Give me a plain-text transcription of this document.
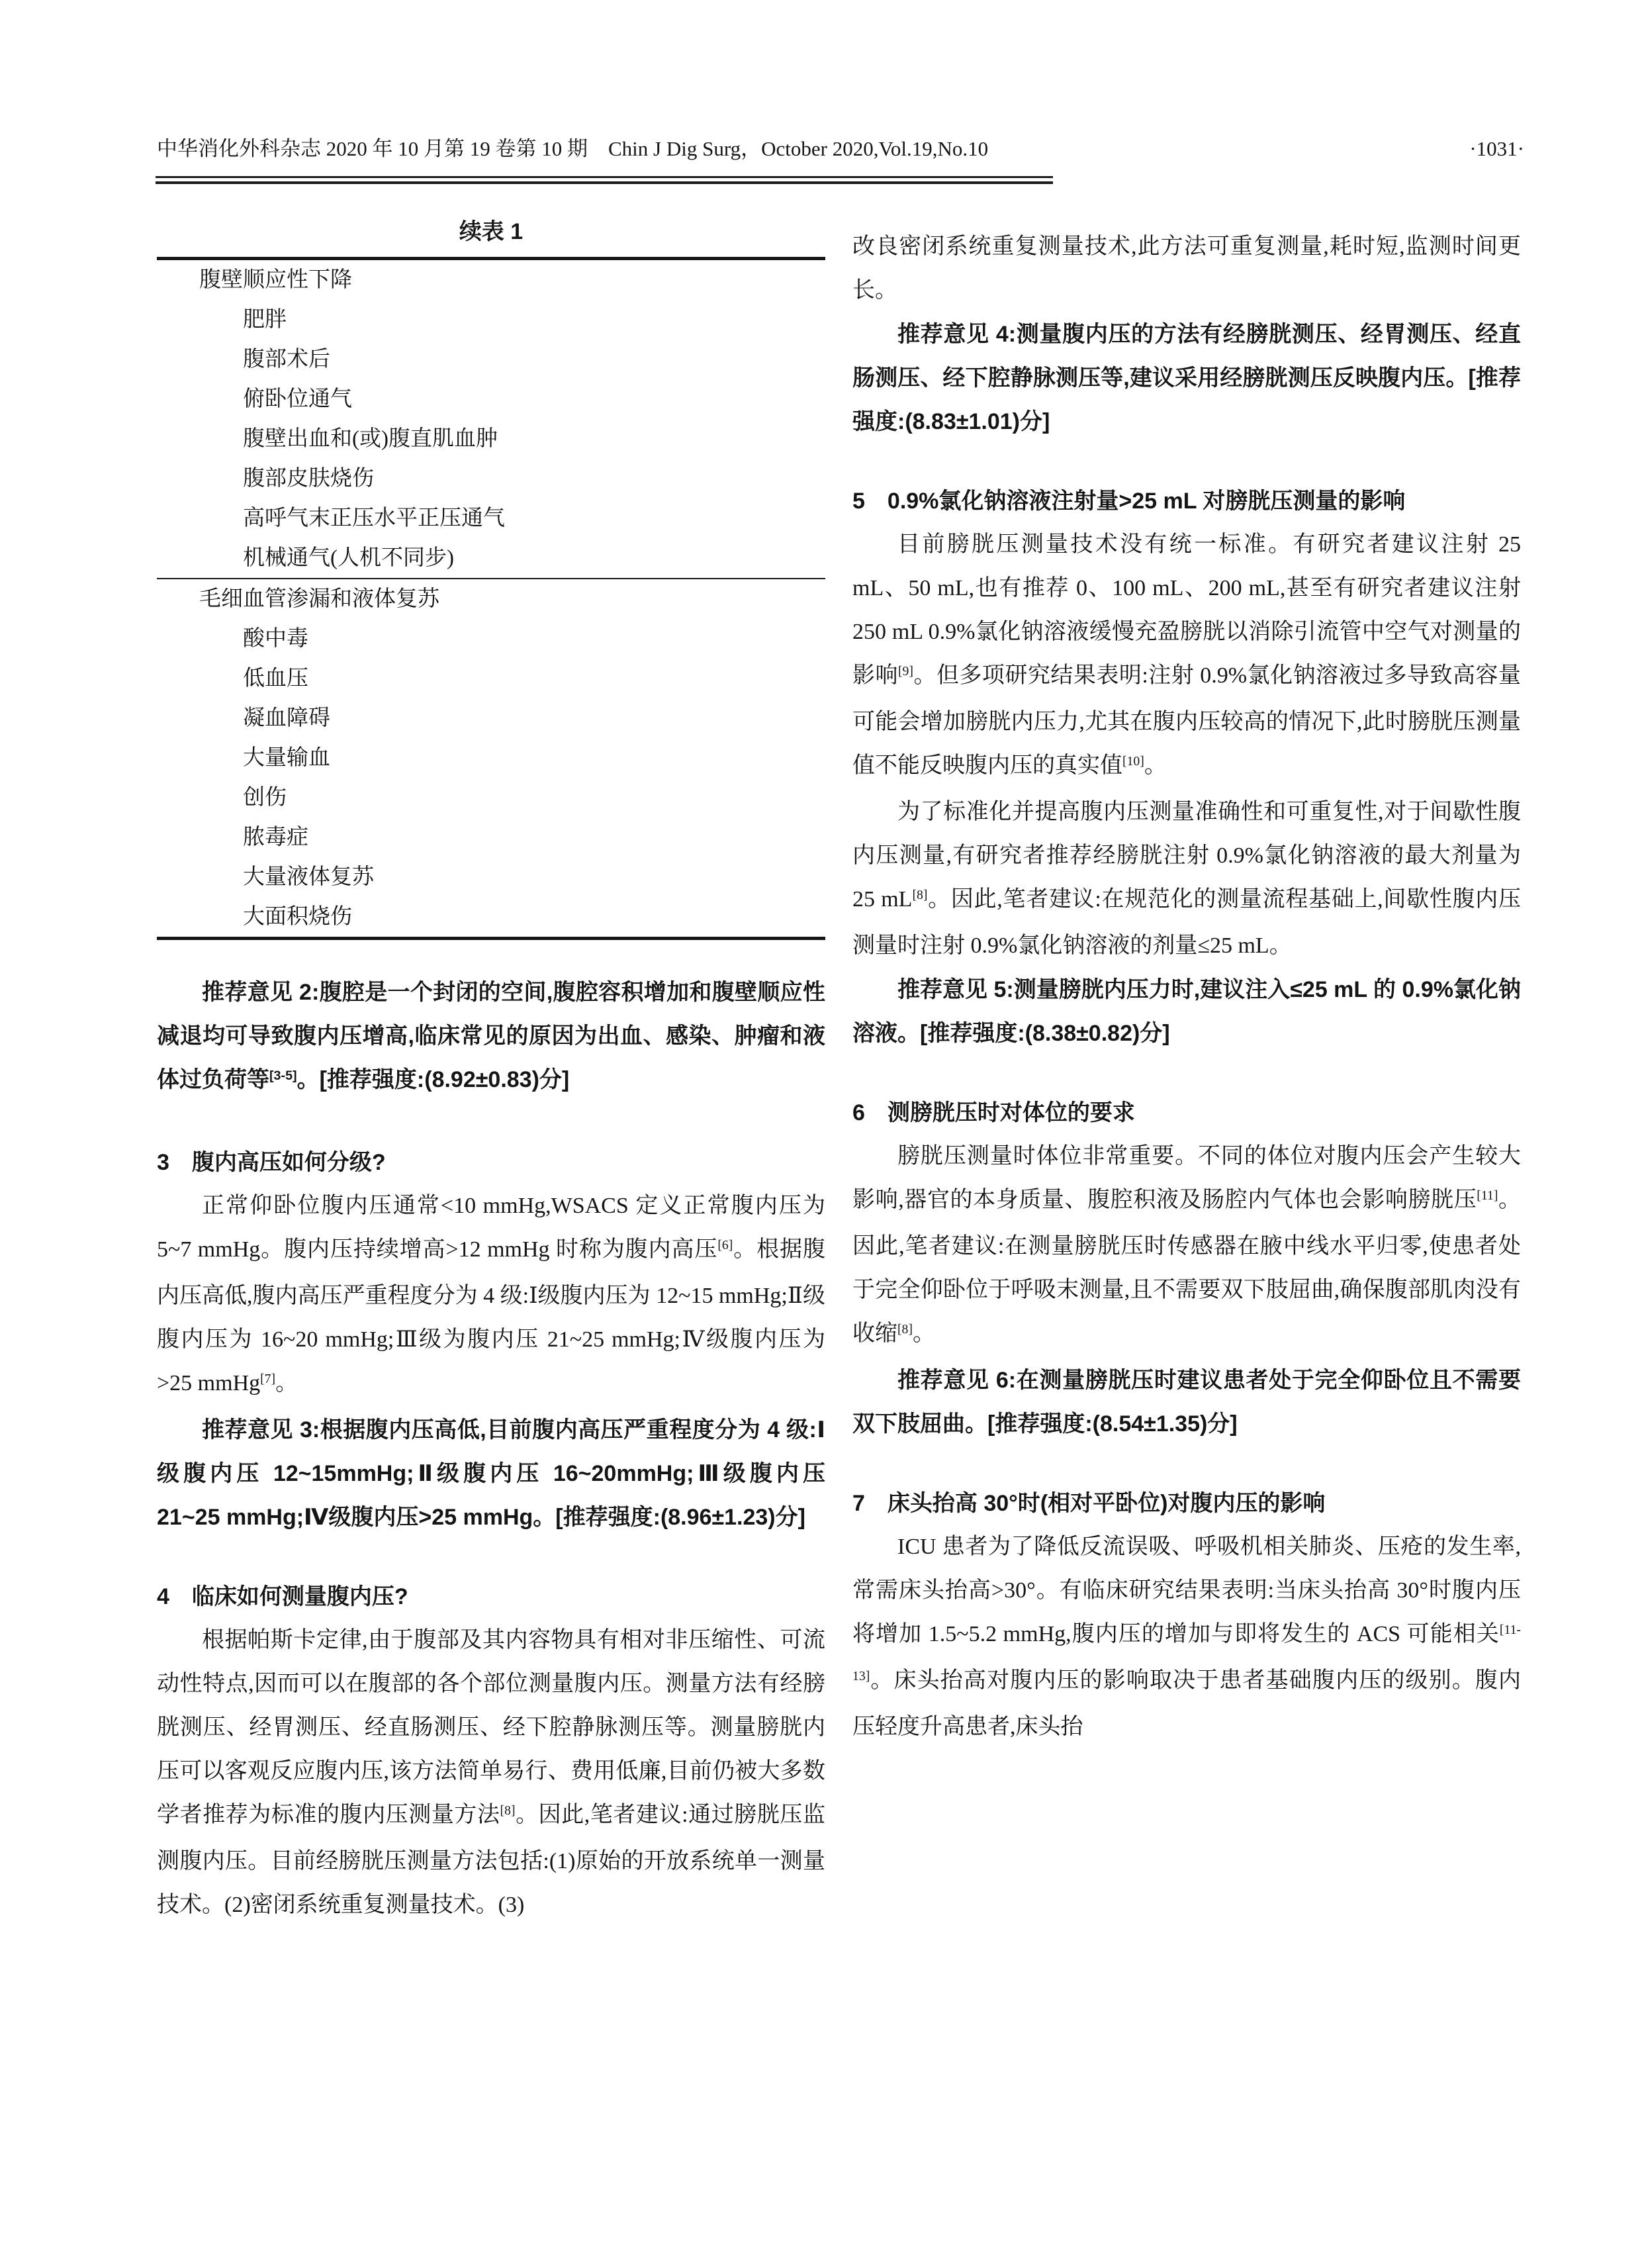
中华消化外科杂志 2020 年 10 月第 19 卷第 10 期　Chin J Dig Surg，October 2020,Vol.19,No.10	·1031·
续表 1
腹壁顺应性下降
肥胖
腹部术后
俯卧位通气
腹壁出血和(或)腹直肌血肿
腹部皮肤烧伤
高呼气末正压水平正压通气
机械通气(人机不同步)
毛细血管渗漏和液体复苏
酸中毒
低血压
凝血障碍
大量输血
创伤
脓毒症
大量液体复苏
大面积烧伤

推荐意见 2:腹腔是一个封闭的空间,腹腔容积增加和腹壁顺应性减退均可导致腹内压增高,临床常见的原因为出血、感染、肿瘤和液体过负荷等[3-5]。[推荐强度:(8.92±0.83)分]

3　腹内高压如何分级?

正常仰卧位腹内压通常<10 mmHg,WSACS 定义正常腹内压为 5~7 mmHg。腹内压持续增高>12 mmHg 时称为腹内高压[6]。根据腹内压高低,腹内高压严重程度分为 4 级:Ⅰ级腹内压为 12~15 mmHg;Ⅱ级腹内压为 16~20 mmHg;Ⅲ级为腹内压 21~25 mmHg;Ⅳ级腹内压为>25 mmHg[7]。

推荐意见 3:根据腹内压高低,目前腹内高压严重程度分为 4 级:Ⅰ级腹内压 12~15mmHg;Ⅱ级腹内压 16~20mmHg;Ⅲ级腹内压 21~25 mmHg;Ⅳ级腹内压>25 mmHg。[推荐强度:(8.96±1.23)分]

4　临床如何测量腹内压?

根据帕斯卡定律,由于腹部及其内容物具有相对非压缩性、可流动性特点,因而可以在腹部的各个部位测量腹内压。测量方法有经膀胱测压、经胃测压、经直肠测压、经下腔静脉测压等。测量膀胱内压可以客观反应腹内压,该方法简单易行、费用低廉,目前仍被大多数学者推荐为标准的腹内压测量方法[8]。因此,笔者建议:通过膀胱压监测腹内压。目前经膀胱压测量方法包括:(1)原始的开放系统单一测量技术。(2)密闭系统重复测量技术。(3)

改良密闭系统重复测量技术,此方法可重复测量,耗时短,监测时间更长。

推荐意见 4:测量腹内压的方法有经膀胱测压、经胃测压、经直肠测压、经下腔静脉测压等,建议采用经膀胱测压反映腹内压。[推荐强度:(8.83±1.01)分]

5　0.9%氯化钠溶液注射量>25 mL 对膀胱压测量的影响

目前膀胱压测量技术没有统一标准。有研究者建议注射 25 mL、50 mL,也有推荐 0、100 mL、200 mL,甚至有研究者建议注射 250 mL 0.9%氯化钠溶液缓慢充盈膀胱以消除引流管中空气对测量的影响[9]。但多项研究结果表明:注射 0.9%氯化钠溶液过多导致高容量可能会增加膀胱内压力,尤其在腹内压较高的情况下,此时膀胱压测量值不能反映腹内压的真实值[10]。

为了标准化并提高腹内压测量准确性和可重复性,对于间歇性腹内压测量,有研究者推荐经膀胱注射 0.9%氯化钠溶液的最大剂量为 25 mL[8]。因此,笔者建议:在规范化的测量流程基础上,间歇性腹内压测量时注射 0.9%氯化钠溶液的剂量≤25 mL。

推荐意见 5:测量膀胱内压力时,建议注入≤25 mL 的 0.9%氯化钠溶液。[推荐强度:(8.38±0.82)分]

6　测膀胱压时对体位的要求

膀胱压测量时体位非常重要。不同的体位对腹内压会产生较大影响,器官的本身质量、腹腔积液及肠腔内气体也会影响膀胱压[11]。因此,笔者建议:在测量膀胱压时传感器在腋中线水平归零,使患者处于完全仰卧位于呼吸末测量,且不需要双下肢屈曲,确保腹部肌肉没有收缩[8]。

推荐意见 6:在测量膀胱压时建议患者处于完全仰卧位且不需要双下肢屈曲。[推荐强度:(8.54±1.35)分]

7　床头抬高 30°时(相对平卧位)对腹内压的影响

ICU 患者为了降低反流误吸、呼吸机相关肺炎、压疮的发生率,常需床头抬高>30°。有临床研究结果表明:当床头抬高 30°时腹内压将增加 1.5~5.2 mmHg,腹内压的增加与即将发生的 ACS 可能相关[11-13]。床头抬高对腹内压的影响取决于患者基础腹内压的级别。腹内压轻度升高患者,床头抬
